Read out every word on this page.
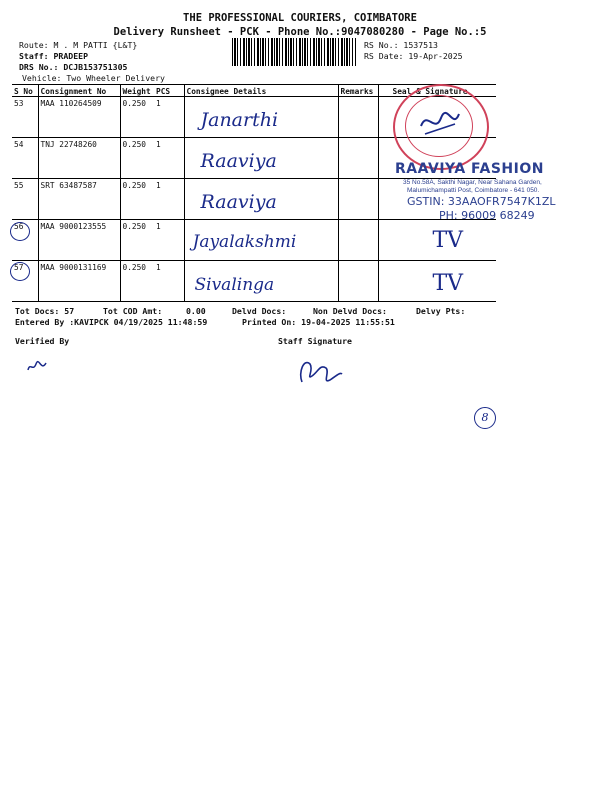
THE PROFESSIONAL COURIERS, COIMBATORE
Delivery Runsheet - PCK - Phone No.:9047080280 - Page No.:5
Route: M . M PATTI {L&T}
Staff: PRADEEP
DRS No.: DCJB153751305
Vehicle: Two Wheeler Delivery
RS No.: 1537513
RS Date: 19-Apr-2025
S No	Consignment No	Weight	PCS	Consignee Details	Remarks	Seal & Signature
53	MAA 110264509	0.250	1	Janarthi		

54	TNJ 22748260	0.250	1	Raaviya		

55	SRT 63487587	0.250	1	Raaviya		

56	MAA 9000123555	0.250	1	Jayalakshmi		TV

57	MAA 9000131169	0.250	1	Sivalinga		TV
RAAVIYA FASHION
35 No.58A, Sakthi Nagar, Near Sahana Garden,
Malumichampatti Post, Coimbatore - 641 050.
GSTIN: 33AAOFR7547K1ZL
PH: 96009 68249
Tot Docs: 57	Tot COD Amt:	0.00	Delvd Docs:	Non Delvd Docs:	Delvy Pts:
Entered By :KAVIPCK 04/19/2025 11:48:59	Printed On: 19-04-2025 11:55:51
Verified By	Staff Signature
8
